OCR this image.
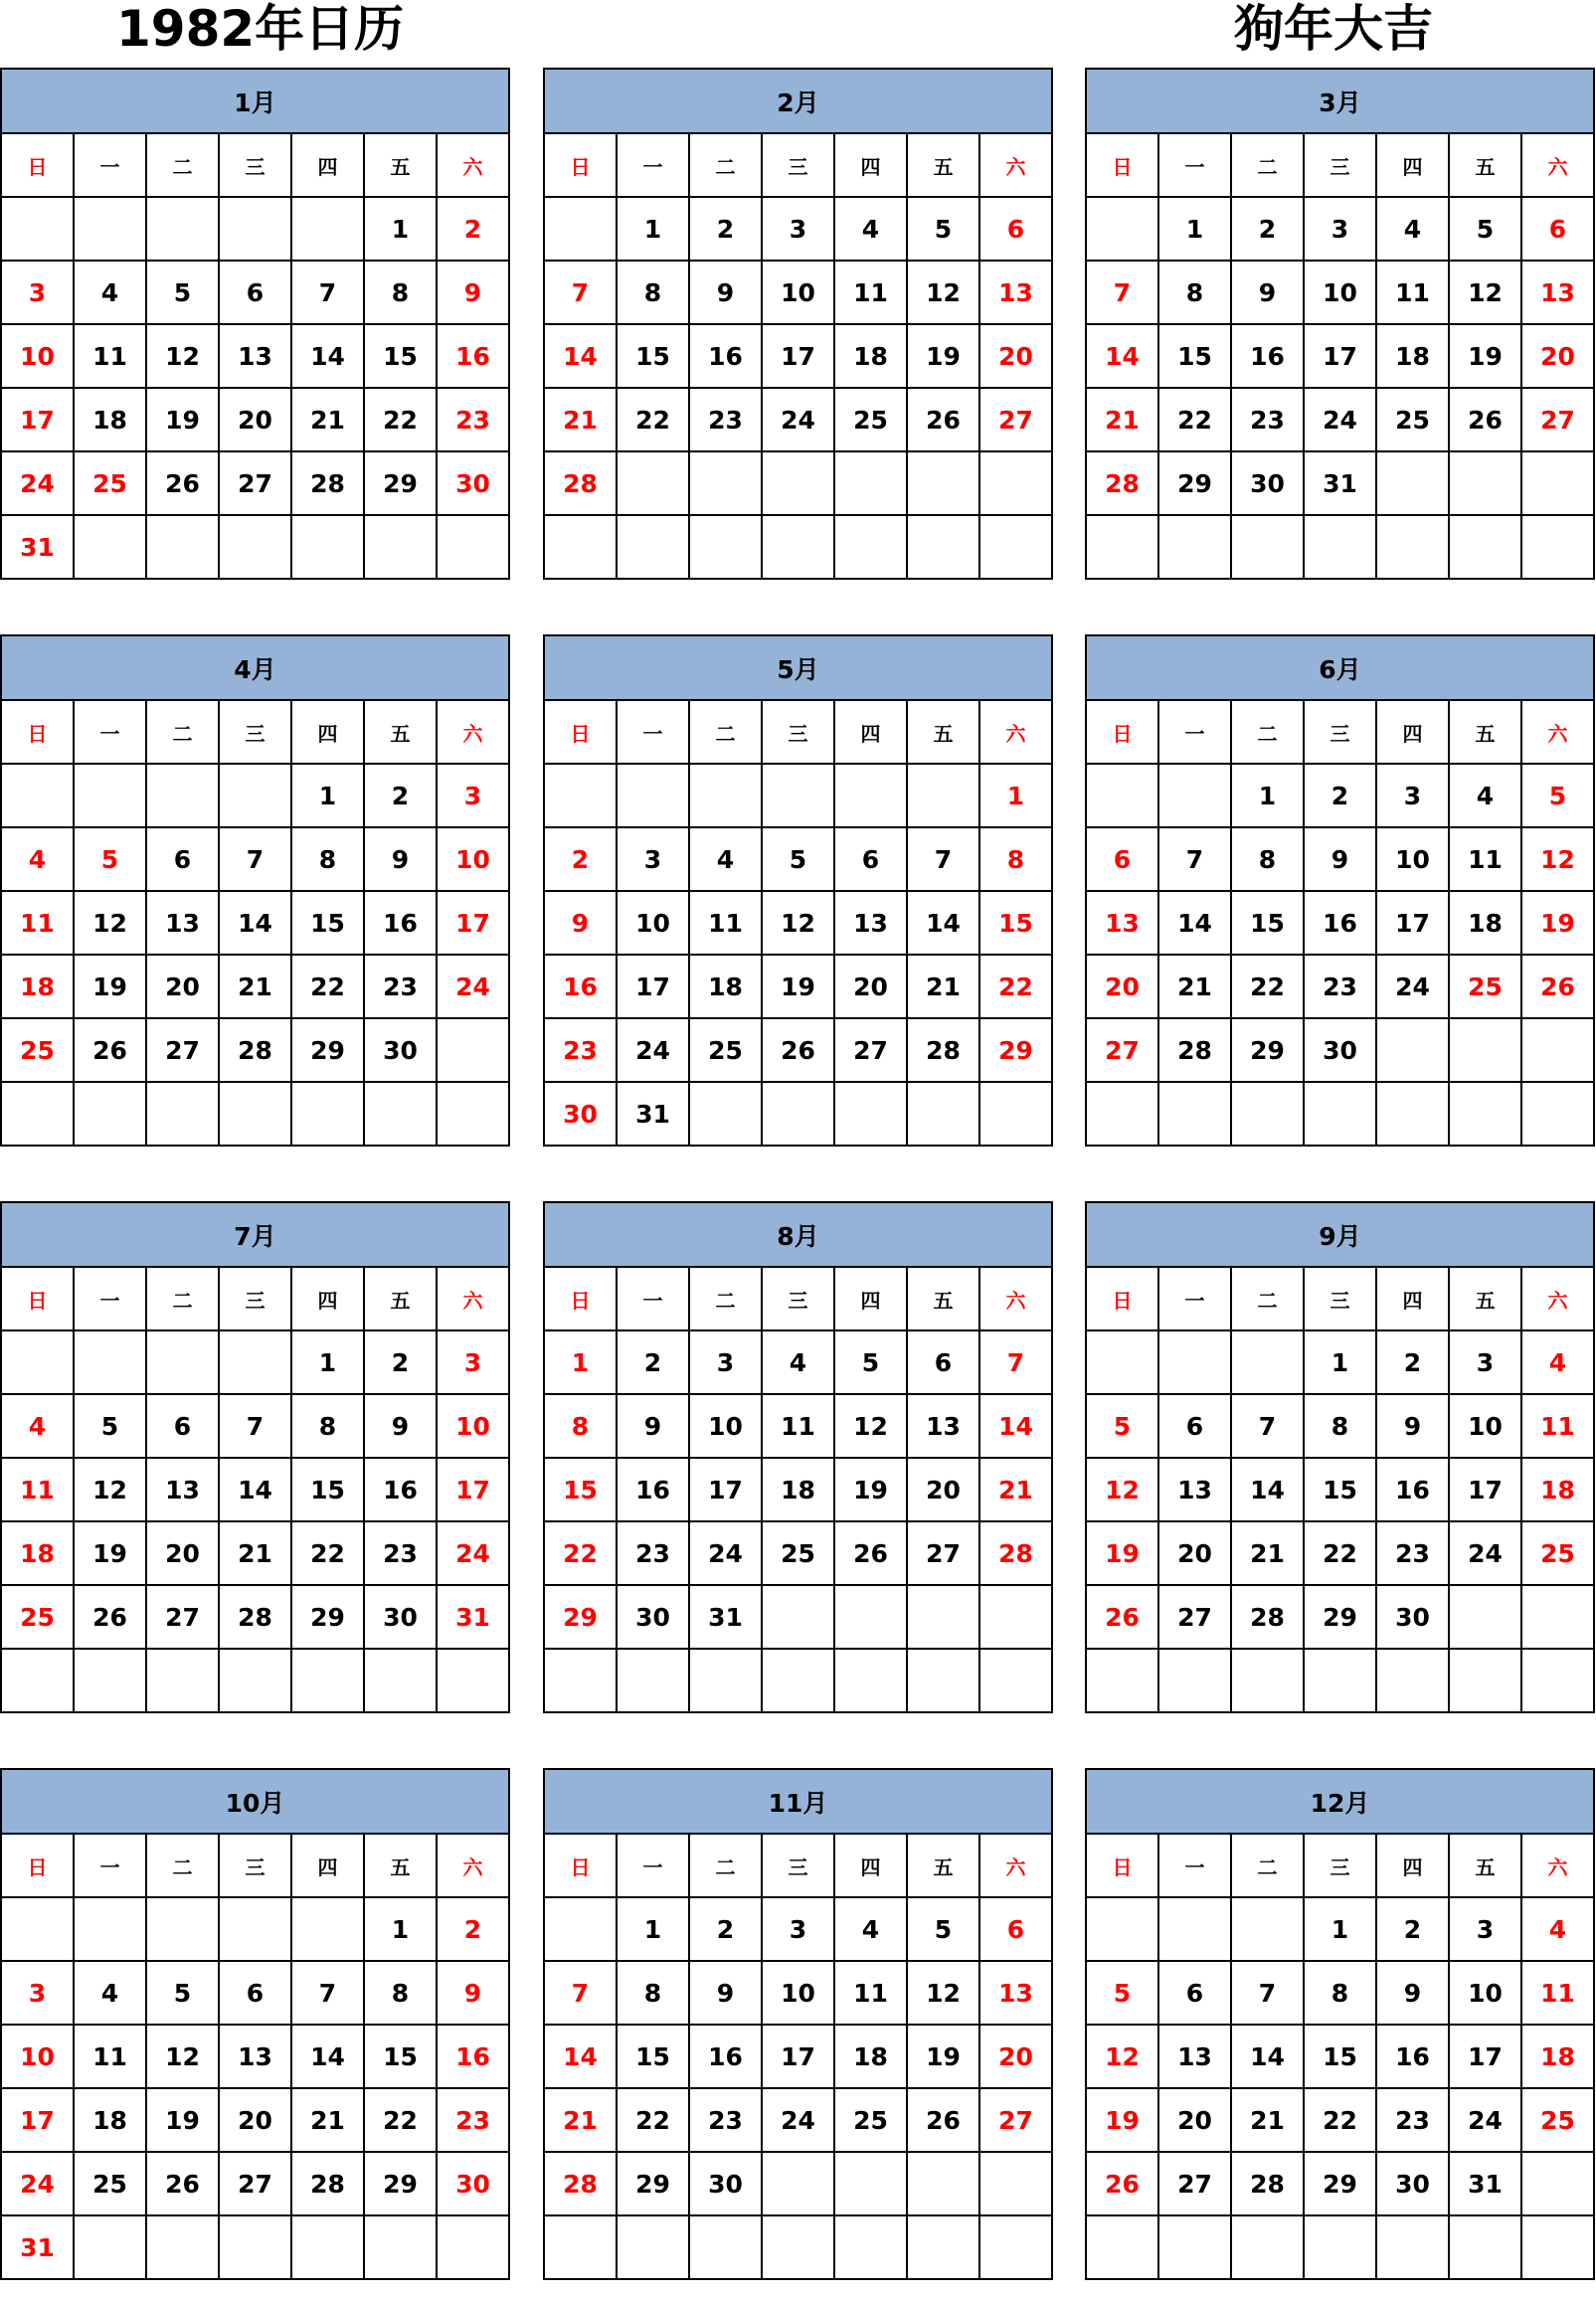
1982年日历	狗年大吉
1月						
日	一	二	三	四	五	六
					1	2
3	4	5	6	7	8	9
10	11	12	13	14	15	16
17	18	19	20	21	22	23
24	25	26	27	28	29	30
31						
2月						
日	一	二	三	四	五	六
	1	2	3	4	5	6
7	8	9	10	11	12	13
14	15	16	17	18	19	20
21	22	23	24	25	26	27
28						

3月						
日	一	二	三	四	五	六
	1	2	3	4	5	6
7	8	9	10	11	12	13
14	15	16	17	18	19	20
21	22	23	24	25	26	27
28	29	30	31			

4月						
日	一	二	三	四	五	六
				1	2	3
4	5	6	7	8	9	10
11	12	13	14	15	16	17
18	19	20	21	22	23	24
25	26	27	28	29	30	

5月						
日	一	二	三	四	五	六
						1
2	3	4	5	6	7	8
9	10	11	12	13	14	15
16	17	18	19	20	21	22
23	24	25	26	27	28	29
30	31					
6月						
日	一	二	三	四	五	六
		1	2	3	4	5
6	7	8	9	10	11	12
13	14	15	16	17	18	19
20	21	22	23	24	25	26
27	28	29	30			

7月						
日	一	二	三	四	五	六
				1	2	3
4	5	6	7	8	9	10
11	12	13	14	15	16	17
18	19	20	21	22	23	24
25	26	27	28	29	30	31

8月						
日	一	二	三	四	五	六
1	2	3	4	5	6	7
8	9	10	11	12	13	14
15	16	17	18	19	20	21
22	23	24	25	26	27	28
29	30	31				

9月						
日	一	二	三	四	五	六
			1	2	3	4
5	6	7	8	9	10	11
12	13	14	15	16	17	18
19	20	21	22	23	24	25
26	27	28	29	30		

10月						
日	一	二	三	四	五	六
					1	2
3	4	5	6	7	8	9
10	11	12	13	14	15	16
17	18	19	20	21	22	23
24	25	26	27	28	29	30
31						
11月						
日	一	二	三	四	五	六
	1	2	3	4	5	6
7	8	9	10	11	12	13
14	15	16	17	18	19	20
21	22	23	24	25	26	27
28	29	30				

12月						
日	一	二	三	四	五	六
			1	2	3	4
5	6	7	8	9	10	11
12	13	14	15	16	17	18
19	20	21	22	23	24	25
26	27	28	29	30	31	
